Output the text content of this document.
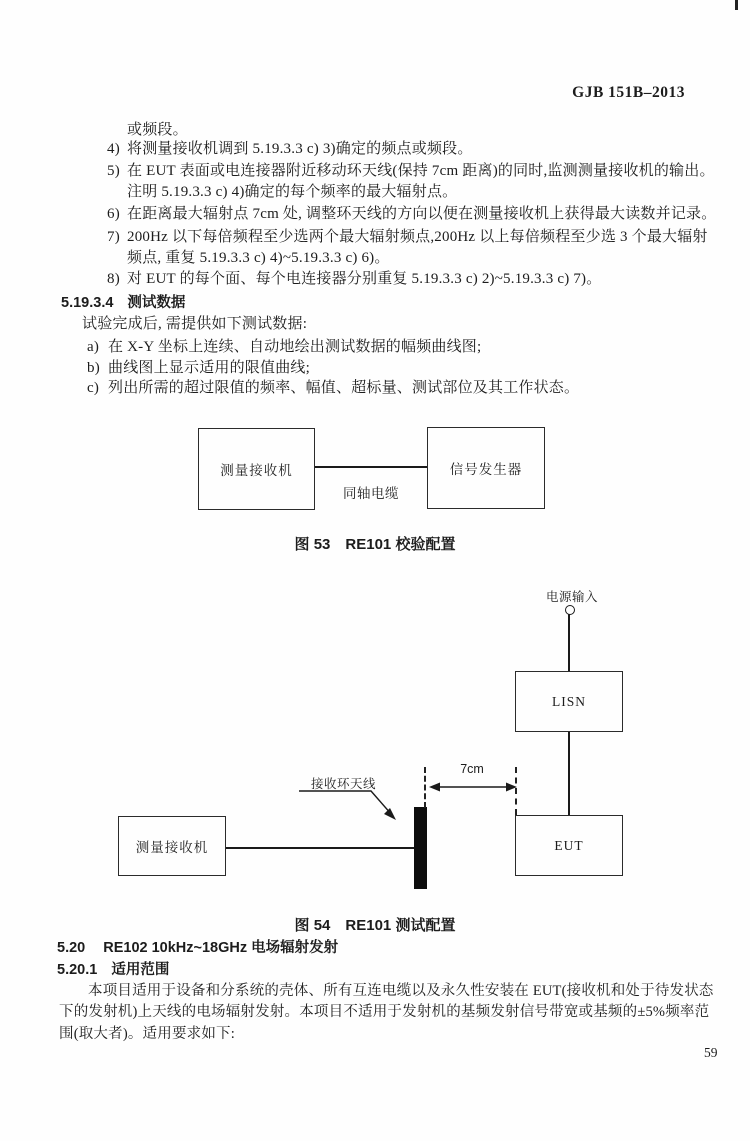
GJB 151B–2013
或频段。
4) 将测量接收机调到 5.19.3.3 c) 3)确定的频点或频段。
5) 在 EUT 表面或电连接器附近移动环天线(保持 7cm 距离)的同时,监测测量接收机的输出。
注明 5.19.3.3 c) 4)确定的每个频率的最大辐射点。
6) 在距离最大辐射点 7cm 处, 调整环天线的方向以便在测量接收机上获得最大读数并记录。
7) 200Hz 以下每倍频程至少选两个最大辐射频点,200Hz 以上每倍频程至少选 3 个最大辐射
频点, 重复 5.19.3.3 c) 4)~5.19.3.3 c) 6)。
8) 对 EUT 的每个面、每个电连接器分别重复 5.19.3.3 c) 2)~5.19.3.3 c) 7)。
5.19.3.4 测试数据
试验完成后, 需提供如下测试数据:
a) 在 X-Y 坐标上连续、自动地绘出测试数据的幅频曲线图;
b) 曲线图上显示适用的限值曲线;
c) 列出所需的超过限值的频率、幅值、超标量、测试部位及其工作状态。
测量接收机	信号发生器
同轴电缆
图 53 RE101 校验配置
电源输入
LISN
EUT
测量接收机
7cm
接收环天线
图 54 RE101 测试配置
5.20 RE102 10kHz~18GHz 电场辐射发射
5.20.1 适用范围
本项目适用于设备和分系统的壳体、所有互连电缆以及永久性安装在 EUT(接收机和处于待发状态
下的发射机)上天线的电场辐射发射。本项目不适用于发射机的基频发射信号带宽或基频的±5%频率范
围(取大者)。适用要求如下:
59
